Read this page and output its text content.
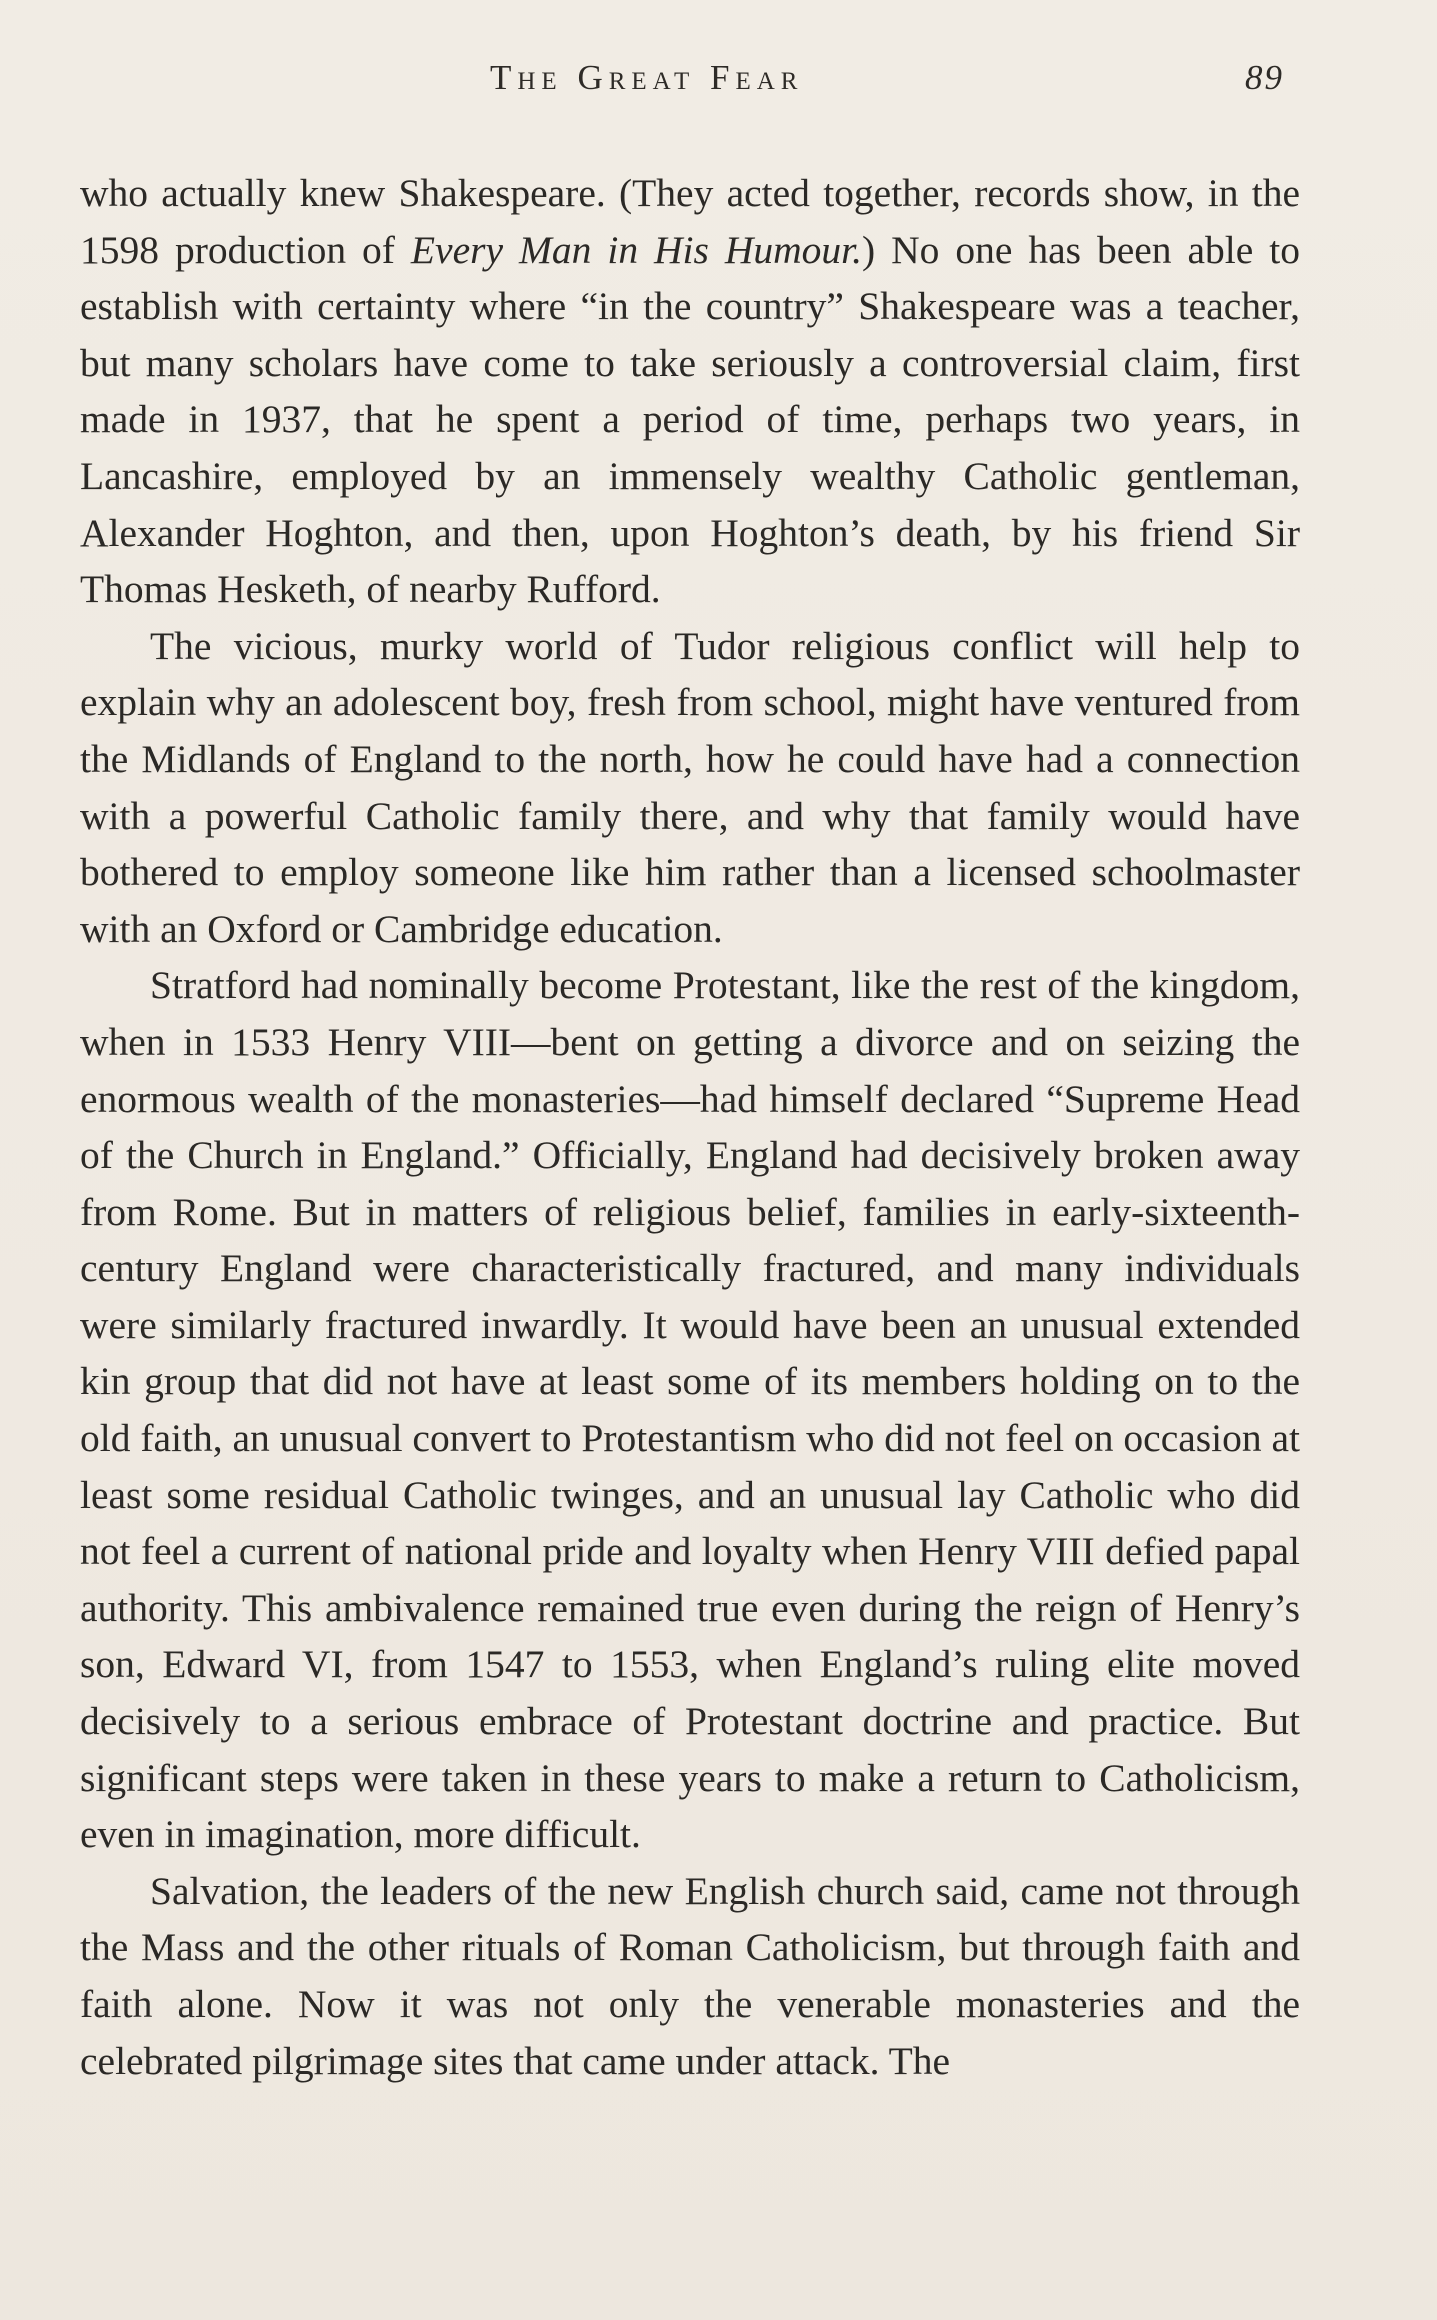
The Great Fear	89

who actually knew Shakespeare. (They acted together, records show, in the 1598 production of Every Man in His Humour.) No one has been able to establish with certainty where “in the country” Shakespeare was a teacher, but many scholars have come to take seriously a controversial claim, first made in 1937, that he spent a period of time, perhaps two years, in Lancashire, employed by an immensely wealthy Catholic gentleman, Alexander Hoghton, and then, upon Hoghton’s death, by his friend Sir Thomas Hesketh, of nearby Rufford.

The vicious, murky world of Tudor religious conflict will help to explain why an adolescent boy, fresh from school, might have ventured from the Midlands of England to the north, how he could have had a connection with a powerful Catholic family there, and why that family would have bothered to employ someone like him rather than a licensed schoolmaster with an Oxford or Cambridge education.

Stratford had nominally become Protestant, like the rest of the kingdom, when in 1533 Henry VIII—bent on getting a divorce and on seizing the enormous wealth of the monasteries—had himself declared “Supreme Head of the Church in England.” Officially, England had decisively broken away from Rome. But in matters of religious belief, families in early-sixteenth-century England were characteristically fractured, and many individuals were similarly fractured inwardly. It would have been an unusual extended kin group that did not have at least some of its members holding on to the old faith, an unusual convert to Protestantism who did not feel on occasion at least some residual Catholic twinges, and an unusual lay Catholic who did not feel a current of national pride and loyalty when Henry VIII defied papal authority. This ambivalence remained true even during the reign of Henry’s son, Edward VI, from 1547 to 1553, when England’s ruling elite moved decisively to a serious embrace of Protestant doctrine and practice. But significant steps were taken in these years to make a return to Catholicism, even in imagination, more difficult.

Salvation, the leaders of the new English church said, came not through the Mass and the other rituals of Roman Catholicism, but through faith and faith alone. Now it was not only the venerable monasteries and the celebrated pilgrimage sites that came under attack. The
